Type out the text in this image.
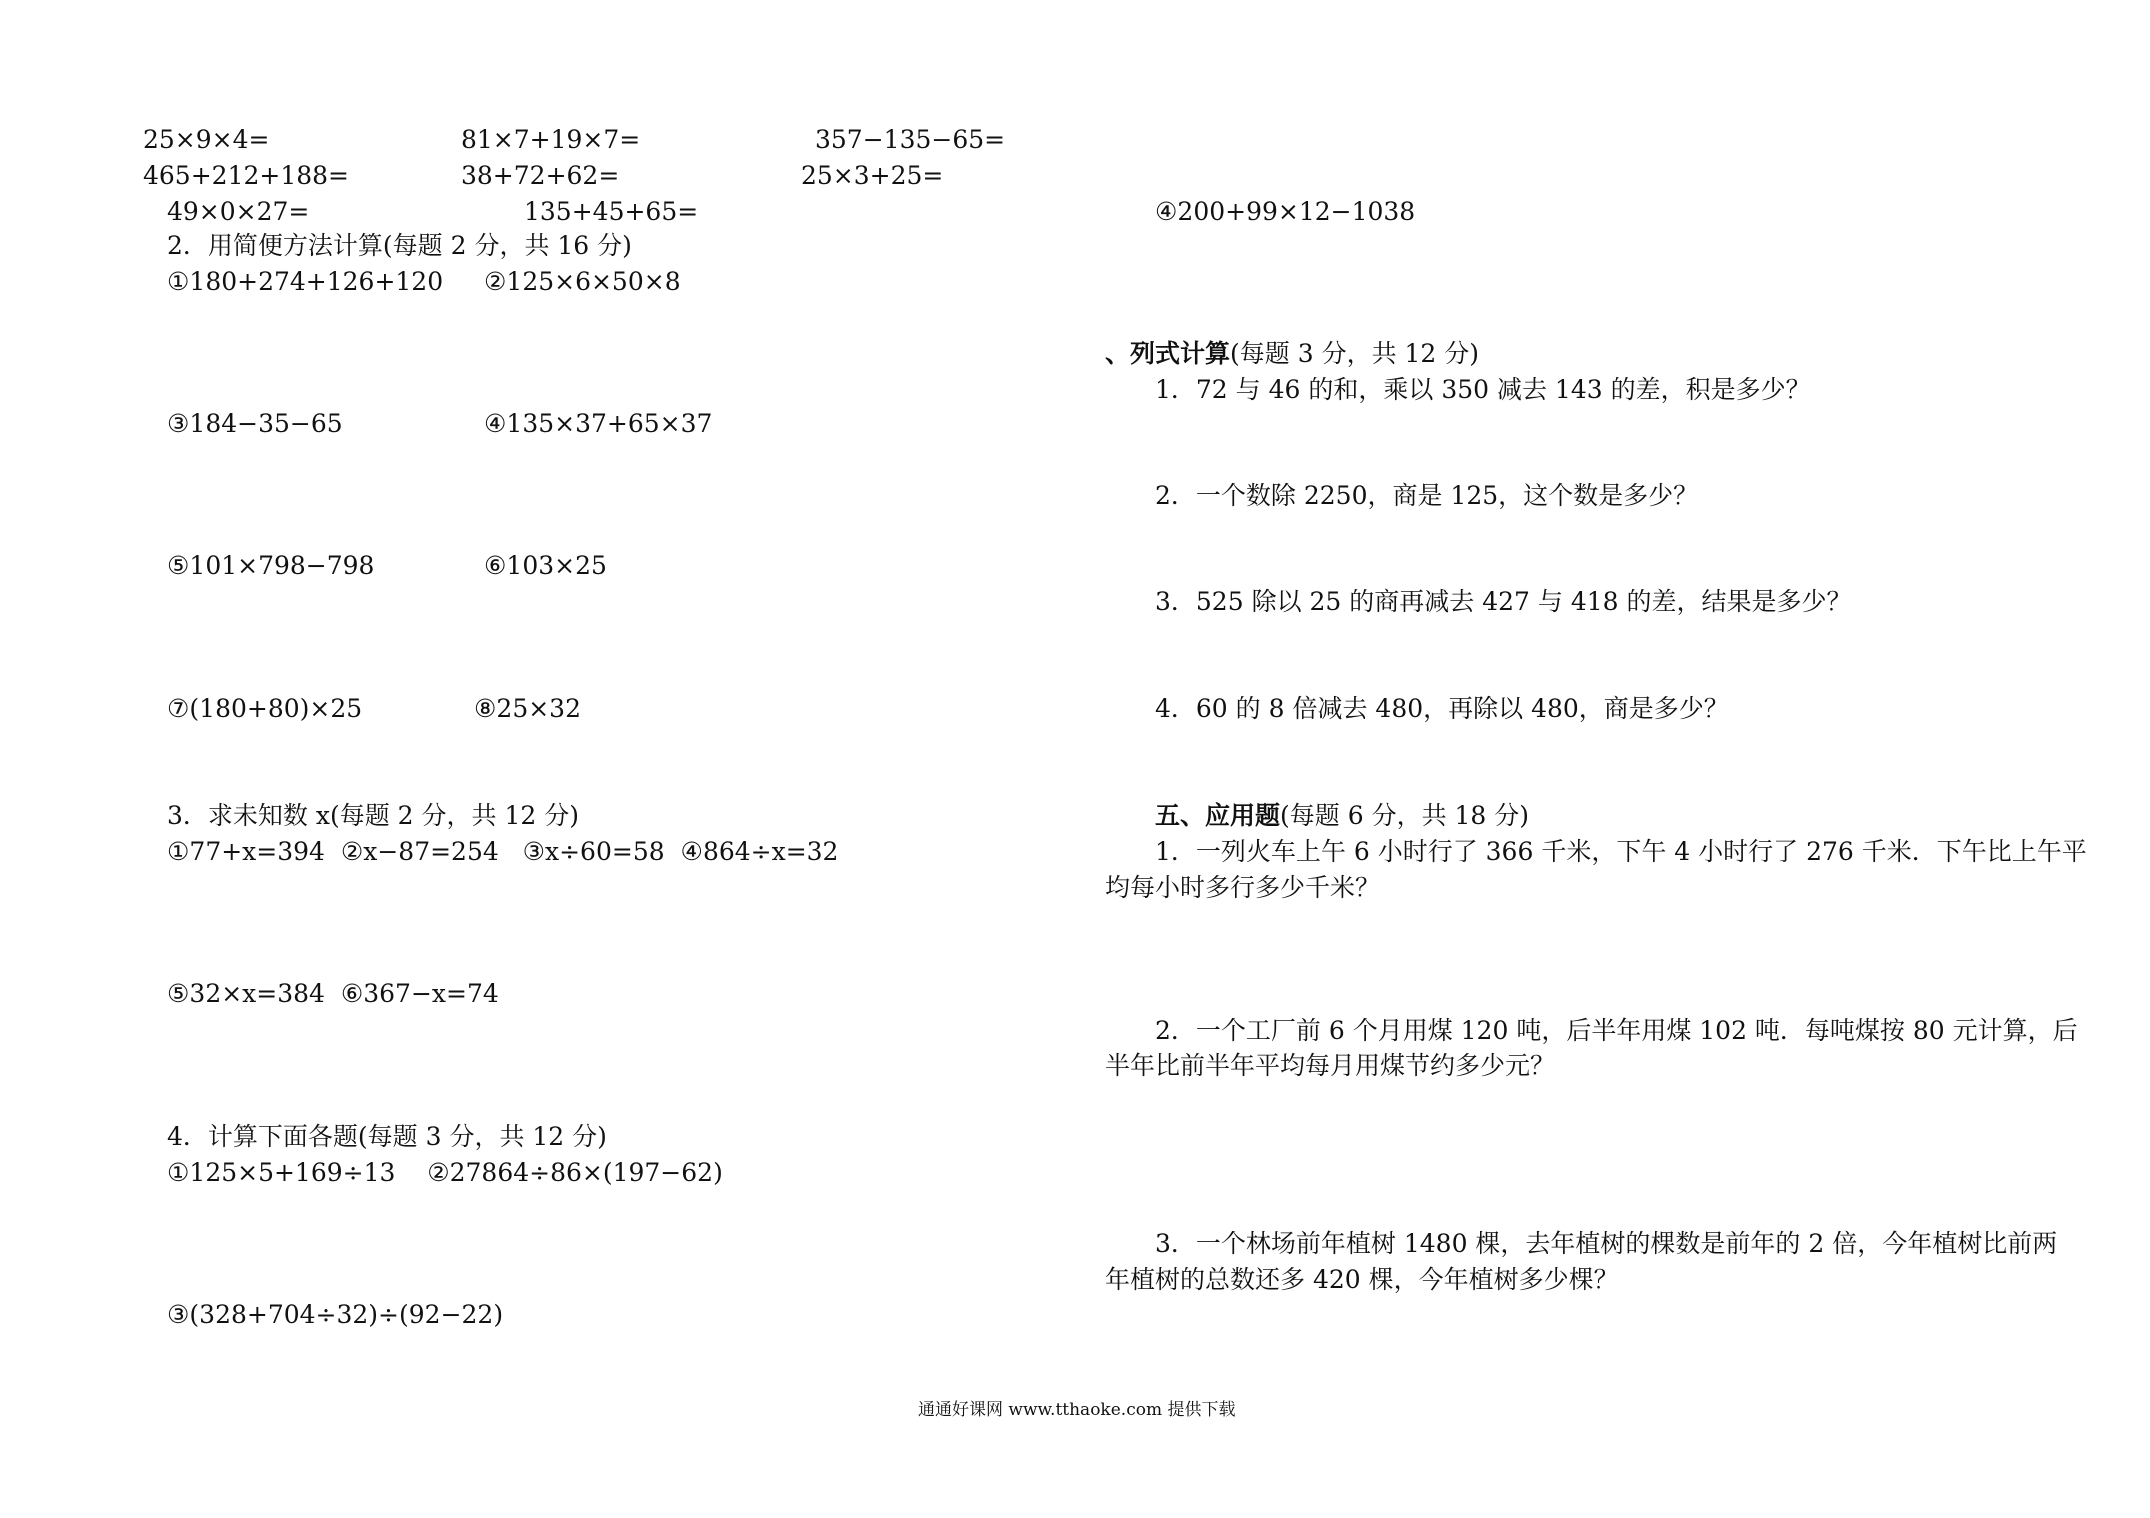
25×9×4=	81×7+19×7=	357−135−65=
465+212+188=	38+72+62=	25×3+25=
49×0×27=	135+45+65=
2．用简便方法计算(每题 2 分，共 16 分)
①180+274+126+120 ②125×6×50×8
③184−35−65	④135×37+65×37
⑤101×798−798	⑥103×25
⑦(180+80)×25	⑧25×32
3．求未知数 x(每题 2 分，共 12 分)
①77+x=394  ②x−87=254   ③x÷60=58  ④864÷x=32
⑤32×x=384  ⑥367−x=74
4．计算下面各题(每题 3 分，共 12 分)
①125×5+169÷13    ②27864÷86×(197−62)
③(328+704÷32)÷(92−22)
④200+99×12−1038
、列式计算(每题 3 分，共 12 分)
1．72 与 46 的和，乘以 350 减去 143 的差，积是多少？
2．一个数除 2250，商是 125，这个数是多少？
3．525 除以 25 的商再减去 427 与 418 的差，结果是多少？
4．60 的 8 倍减去 480，再除以 480，商是多少？
五、应用题(每题 6 分，共 18 分)
1．一列火车上午 6 小时行了 366 千米，下午 4 小时行了 276 千米．下午比上午平
均每小时多行多少千米？
2．一个工厂前 6 个月用煤 120 吨，后半年用煤 102 吨．每吨煤按 80 元计算，后
半年比前半年平均每月用煤节约多少元？
3．一个林场前年植树 1480 棵，去年植树的棵数是前年的 2 倍，今年植树比前两
年植树的总数还多 420 棵，今年植树多少棵？
通通好课网 www.tthaoke.com 提供下载
